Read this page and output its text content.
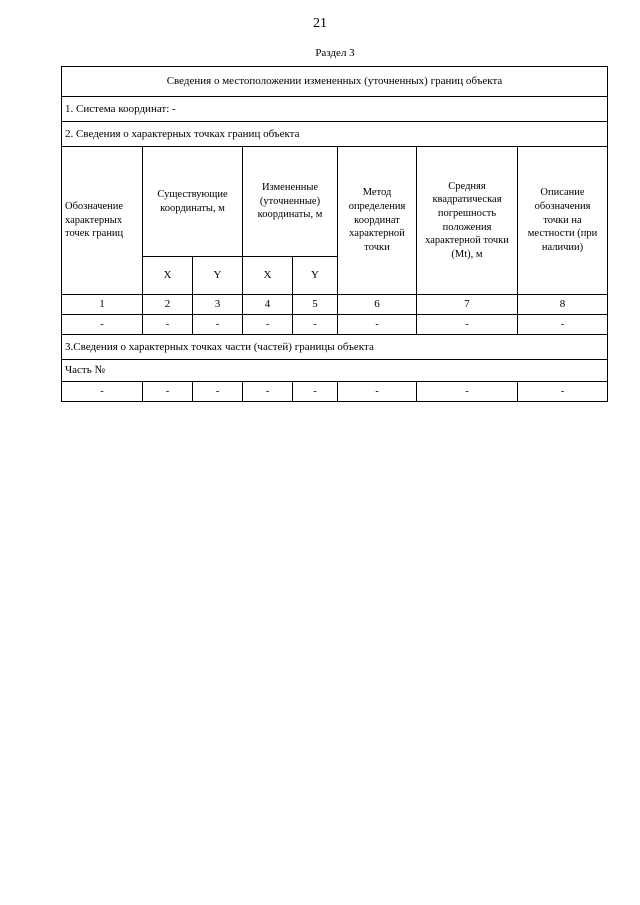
21
Раздел 3
Сведения о местоположении измененных (уточненных) границ объекта							
1. Система координат: -							
2. Сведения о характерных точках границ объекта							
Обозначение характерных точек границ	Существующие координаты, м		Измененные (уточненные) координаты, м		Метод определения координат характерной точки	Средняя квадратическая погрешность положения характерной точки (Mt), м	Описание обозначения точки на местности (при наличии)
	X	Y	X	Y			
1	2	3	4	5	6	7	8
-	-	-	-	-	-	-	-
3.Сведения о характерных точках части (частей) границы объекта							
Часть №							
-	-	-	-	-	-	-	-
